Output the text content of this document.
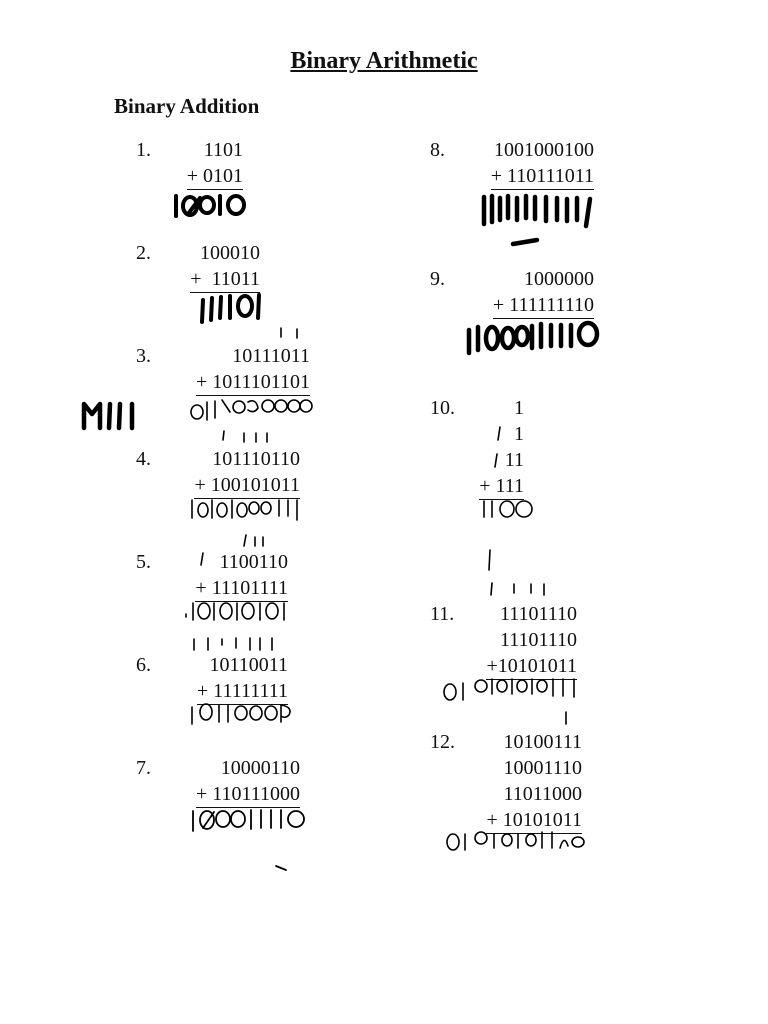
Binary Arithmetic
Binary Addition
1.	1101
+ 0101
2.	100010
+  11011
3.	10111011
+ 1011101101
4.	101110110
+ 100101011
5.	1100110
+ 11101111
6.	10110011
+ 11111111
7.	10000110
+ 110111000
8.	1001000100
+ 110111011
9.	1000000
+ 111111110
10.	1
1
11
+ 111
11.	11101110
11101110
+10101011
12.	10100111
10001110
11011000
+ 10101011
